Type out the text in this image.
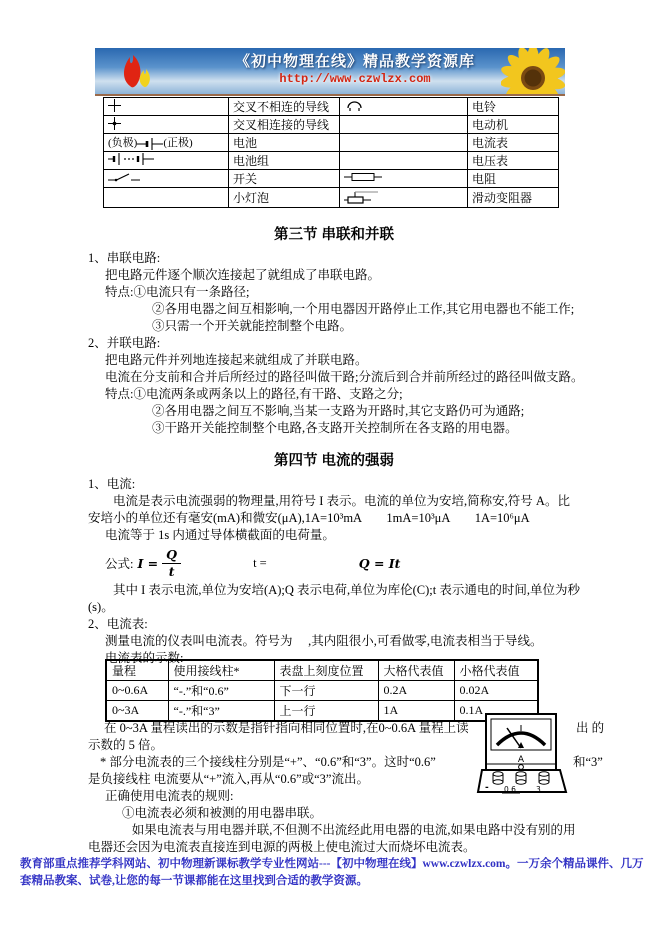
《初中物理在线》精品教学资源库
http://www.czwlzx.com
	交叉不相连的导线		电铃
	交叉相连接的导线		电动机
(负极) (正极)	电池		电流表
	电池组		电压表
	开关		电阻
	小灯泡		滑动变阻器
第三节 串联和并联
1、串联电路:
把电路元件逐个顺次连接起了就组成了串联电路。
特点:①电流只有一条路径;
②各用电器之间互相影响,一个用电器因开路停止工作,其它用电器也不能工作;
③只需一个开关就能控制整个电路。
2、并联电路:
把电路元件并列地连接起来就组成了并联电路。
电流在分支前和合并后所经过的路径叫做干路;分流后到合并前所经过的路径叫做支路。
特点:①电流两条或两条以上的路径,有干路、支路之分;
②各用电器之间互不影响,当某一支路为开路时,其它支路仍可为通路;
③干路开关能控制整个电路,各支路开关控制所在各支路的用电器。
第四节 电流的强弱
1、电流:
电流是表示电流强弱的物理量,用符号 I 表示。电流的单位为安培,简称安,符号 A。比安培小的单位还有毫安(mA)和微安(μA),1A=10³mA　　1mA=10³μA　　1A=10⁶μA
电流等于 1s 内通过导体横截面的电荷量。
公式: $I = \frac{Q}{t}$	t =	Q = It
其中 I 表示电流,单位为安培(A);Q 表示电荷,单位为库伦(C);t 表示通电的时间,单位为秒(s)。
2、电流表:
测量电流的仪表叫电流表。符号为　 ,其内阻很小,可看做零,电流表相当于导线。
电流表的示数:
量程	使用接线柱*	表盘上刻度位置	大格代表值	小格代表值
0~0.6A	“-.”和“0.6”	下一行	0.2A	0.02A
0~3A	“-.”和“3”	上一行	1A	0.1A
在 0~3A 量程读出的示数是指针指向相同位置时,在0~0.6A 量程上读	出 的
示数的 5 倍。
* 部分电流表的三个接线柱分别是“+”、“0.6”和“3”。这时“0.6”	和“3”
是负接线柱 电流要从“+”流入,再从“0.6”或“3”流出。
正确使用电流表的规则:
①电流表必须和被测的用电器串联。
A
- 0.6	3
如果电流表与用电器并联,不但测不出流经此用电器的电流,如果电路中没有别的用电器还会因为电流表直接连到电源的两极上使电流过大而烧坏电流表。
教育部重点推荐学科网站、初中物理新课标教学专业性网站---【初中物理在线】www.czwlzx.com。一万余个精品课件、几万套精品教案、试卷,让您的每一节课都能在这里找到合适的教学资源。
